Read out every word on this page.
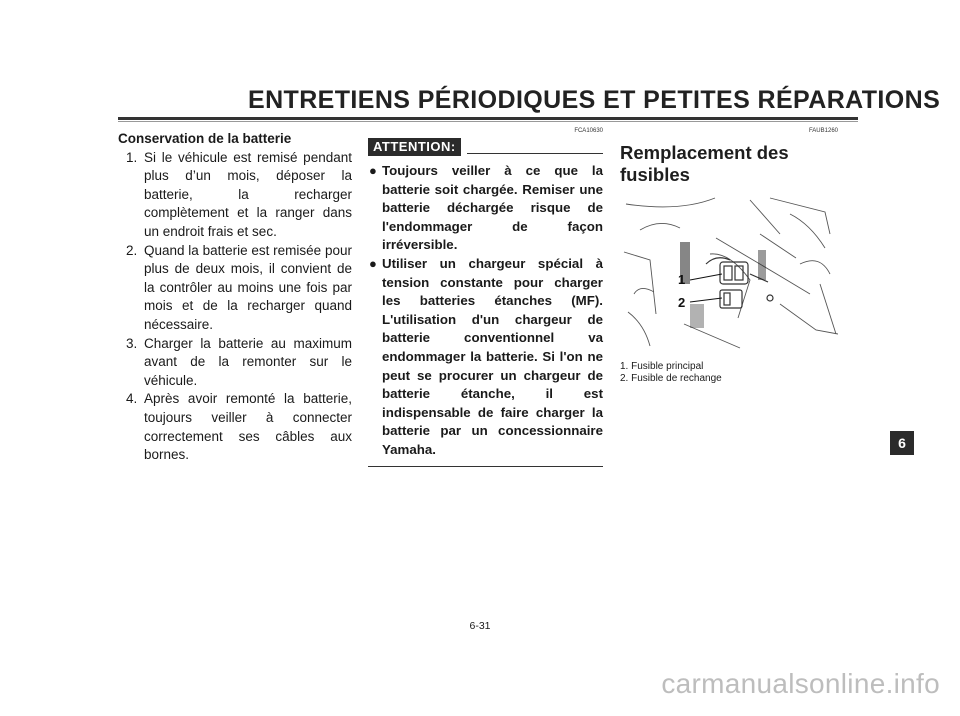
ENTRETIENS PÉRIODIQUES ET PETITES RÉPARATIONS
Conservation de la batterie
1. Si le véhicule est remisé pendant plus d’un mois, déposer la batterie, la recharger complètement et la ranger dans un endroit frais et sec.
2. Quand la batterie est remisée pour plus de deux mois, il convient de la contrôler au moins une fois par mois et de la recharger quand nécessaire.
3. Charger la batterie au maximum avant de la remonter sur le véhicule.
4. Après avoir remonté la batterie, toujours veiller à connecter correctement ses câbles aux bornes.
FCA10630
ATTENTION:
● Toujours veiller à ce que la batterie soit chargée. Remiser une batterie déchargée risque de l'endommager de façon irréversible.
● Utiliser un chargeur spécial à tension constante pour charger les batteries étanches (MF). L'utilisation d'un chargeur de batterie conventionnel va endommager la batterie. Si l'on ne peut se procurer un chargeur de batterie étanche, il est indispensable de faire charger la batterie par un concessionnaire Yamaha.
FAUB1260
Remplacement des fusibles
1
2
1. Fusible principal
2. Fusible de rechange
6
6-31
carmanualsonline.info
